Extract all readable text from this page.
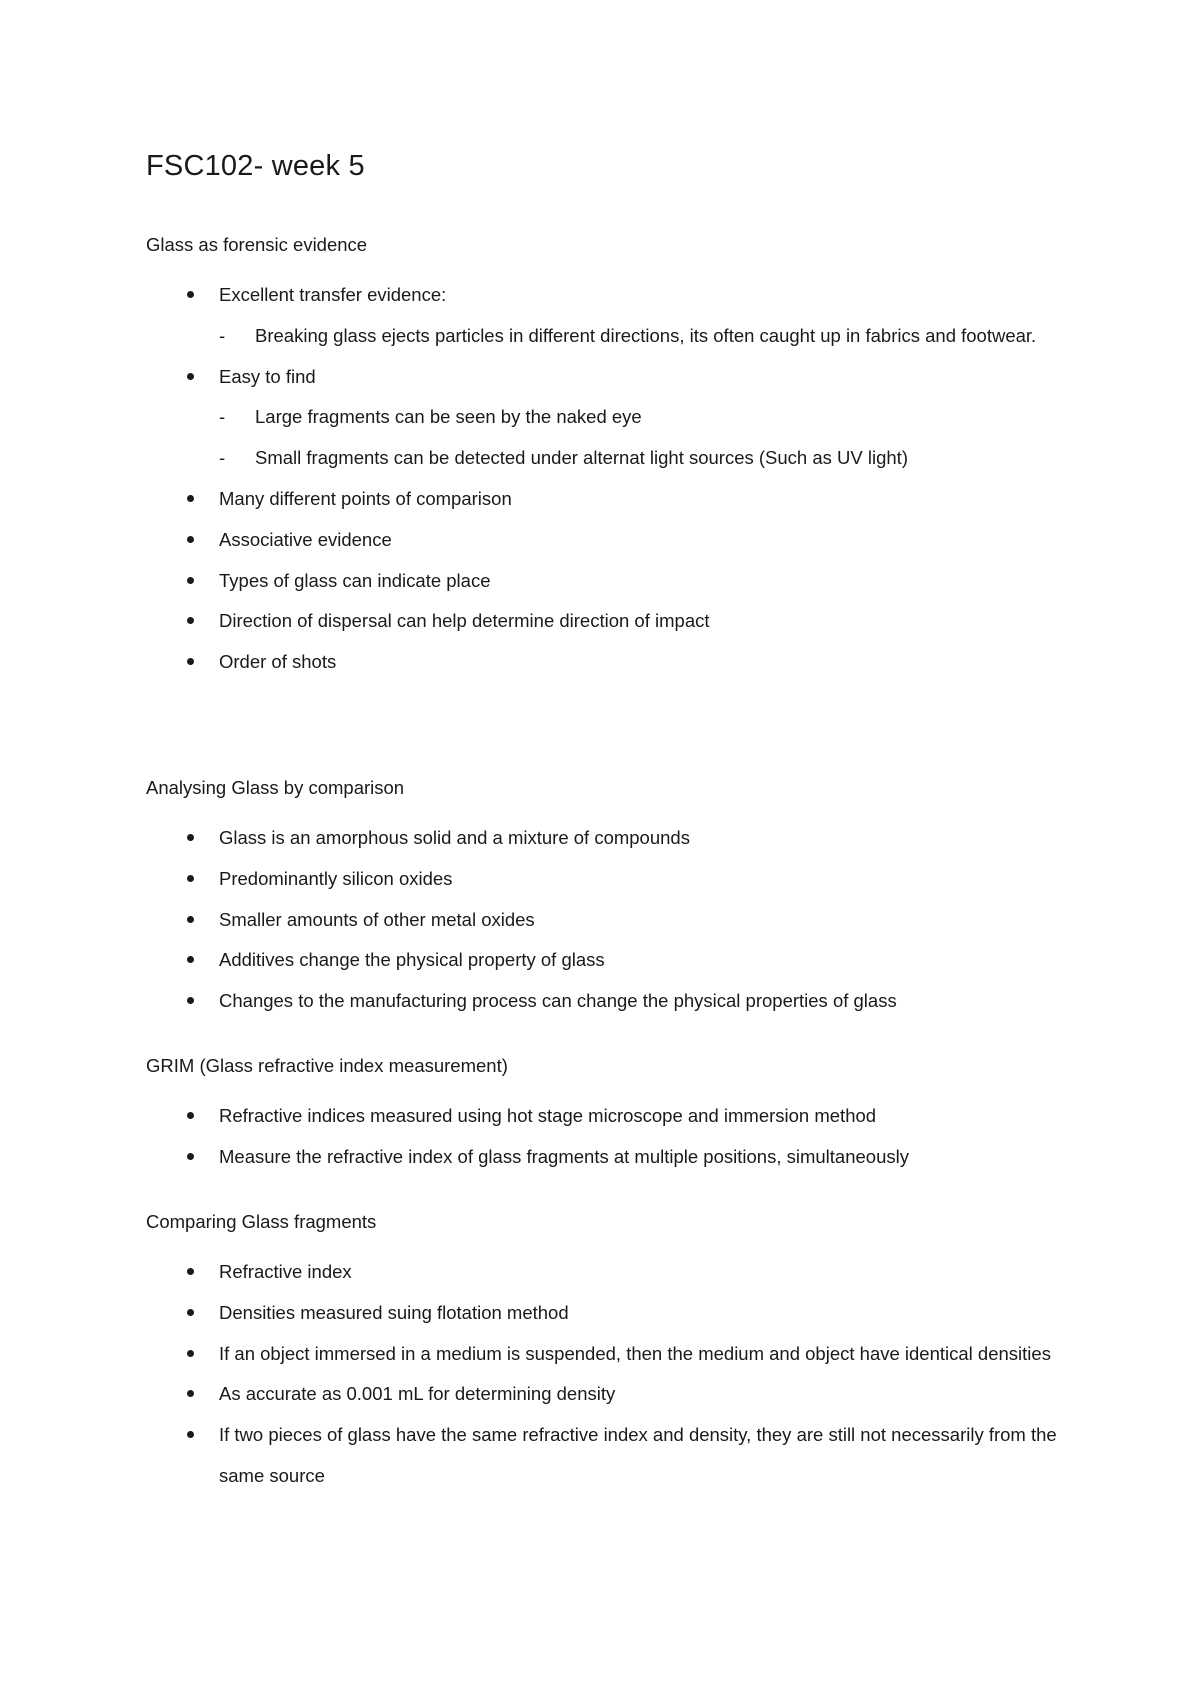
FSC102- week 5
Glass as forensic evidence
Excellent transfer evidence:
- Breaking glass ejects particles in different directions, its often caught up in fabrics and footwear.
Easy to find
- Large fragments can be seen by the naked eye
- Small fragments can be detected under alternat light sources (Such as UV light)
Many different points of comparison
Associative evidence
Types of glass can indicate place
Direction of dispersal can help determine direction of impact
Order of shots
Analysing Glass by comparison
Glass is an amorphous solid and a mixture of compounds
Predominantly silicon oxides
Smaller amounts of other metal oxides
Additives change the physical property of glass
Changes to the manufacturing process can change the physical properties of glass
GRIM (Glass refractive index measurement)
Refractive indices measured using hot stage microscope and immersion method
Measure the refractive index of glass fragments at multiple positions, simultaneously
Comparing Glass fragments
Refractive index
Densities measured suing flotation method
If an object immersed in a medium is suspended, then the medium and object have identical densities
As accurate as 0.001 mL for determining density
If two pieces of glass have the same refractive index and density, they are still not necessarily from the same source
